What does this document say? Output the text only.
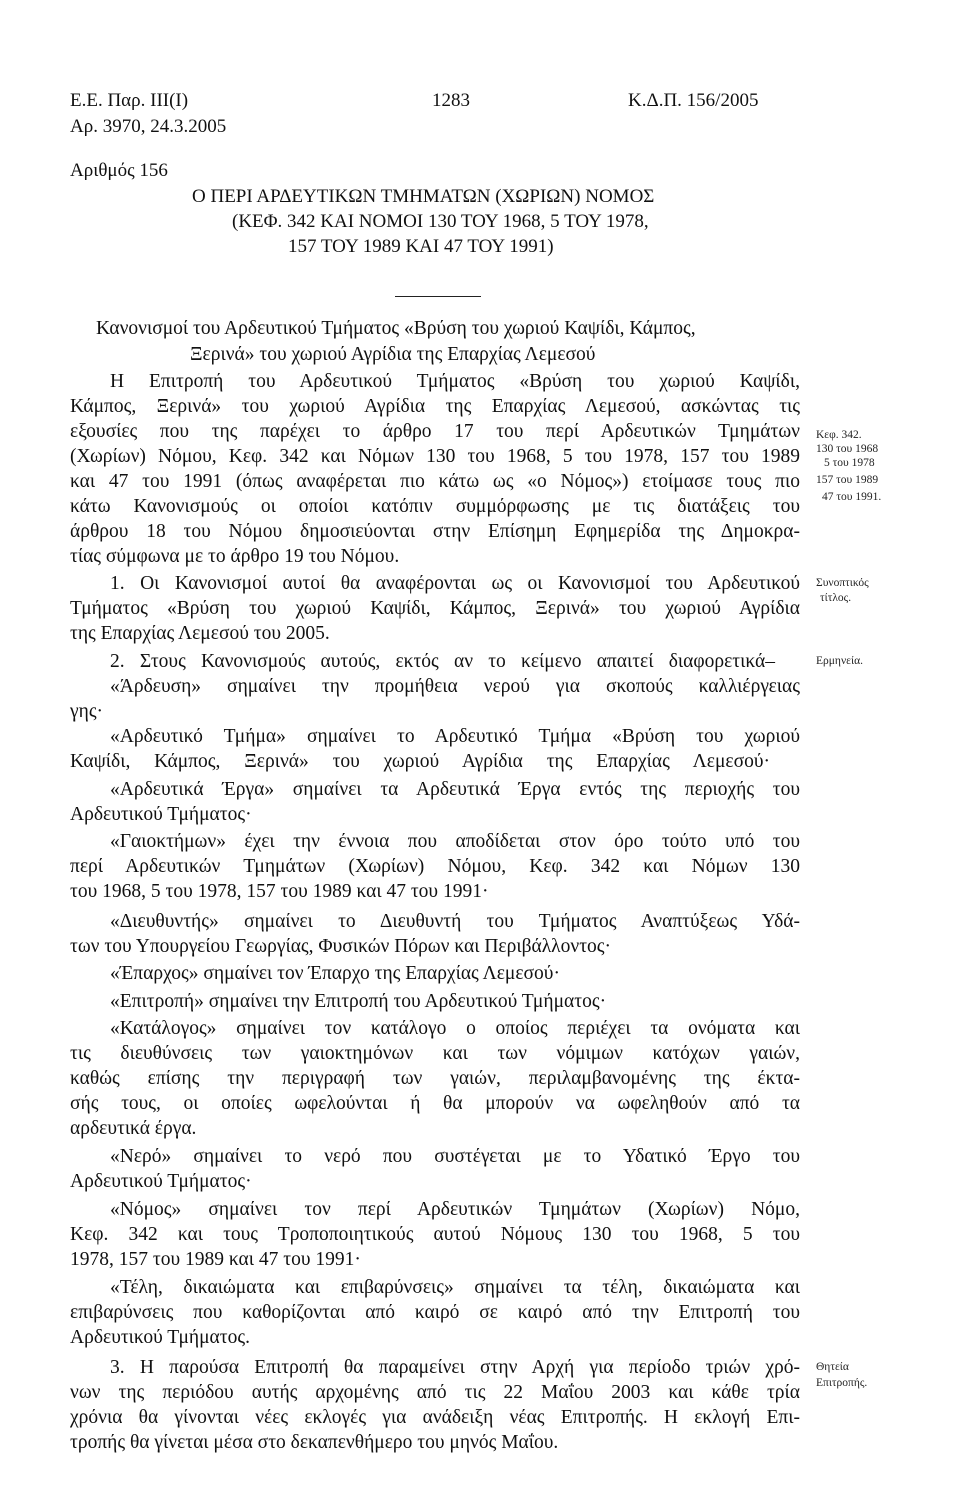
Ε.Ε. Παρ. ΙΙΙ(Ι)
Αρ. 3970, 24.3.2005
1283	Κ.Δ.Π. 156/2005
Αριθμός 156
Ο ΠΕΡΙ ΑΡΔΕΥΤΙΚΩΝ ΤΜΗΜΑΤΩΝ (ΧΩΡΙΩΝ) ΝΟΜΟΣ
(ΚΕΦ. 342 ΚΑΙ ΝΟΜΟΙ 130 ΤΟΥ 1968, 5 ΤΟΥ 1978,
157 ΤΟΥ 1989 ΚΑΙ 47 ΤΟΥ 1991)
Κανονισμοί του Αρδευτικού Τμήματος «Βρύση του χωριού Καψίδι, Κάμπος,
Ξερινά» του χωριού Αγρίδια της Επαρχίας Λεμεσού
Η Επιτροπή του Αρδευτικού Τμήματος «Βρύση του χωριού Καψίδι,
Κάμπος, Ξερινά» του χωριού Αγρίδια της Επαρχίας Λεμεσού, ασκώντας τις
εξουσίες που της παρέχει το άρθρο 17 του περί Αρδευτικών Τμημάτων
(Χωρίων) Νόμου, Κεφ. 342 και Νόμων 130 του 1968, 5 του 1978, 157 του 1989
και 47 του 1991 (όπως αναφέρεται πιο κάτω ως «ο Νόμος») ετοίμασε τους πιο
κάτω Κανονισμούς οι οποίοι κατόπιν συμμόρφωσης με τις διατάξεις του
άρθρου 18 του Νόμου δημοσιεύονται στην Επίσημη Εφημερίδα της Δημοκρα-
τίας σύμφωνα με το άρθρο 19 του Νόμου.
1. Οι Κανονισμοί αυτοί θα αναφέρονται ως οι Κανονισμοί του Αρδευτικού
Τμήματος «Βρύση του χωριού Καψίδι, Κάμπος, Ξερινά» του χωριού Αγρίδια
της Επαρχίας Λεμεσού του 2005.
2. Στους Κανονισμούς αυτούς, εκτός αν το κείμενο απαιτεί διαφορετικά–
«Άρδευση» σημαίνει την προμήθεια νερού για σκοπούς καλλιέργειας
γης·
«Αρδευτικό Τμήμα» σημαίνει το Αρδευτικό Τμήμα «Βρύση του χωριού
Καψίδι, Κάμπος, Ξερινά» του χωριού Αγρίδια της Επαρχίας Λεμεσού·
«Αρδευτικά Έργα» σημαίνει τα Αρδευτικά Έργα εντός της περιοχής του
Αρδευτικού Τμήματος·
«Γαιοκτήμων» έχει την έννοια που αποδίδεται στον όρο τούτο υπό του
περί Αρδευτικών Τμημάτων (Χωρίων) Νόμου, Κεφ. 342 και Νόμων 130
του 1968, 5 του 1978, 157 του 1989 και 47 του 1991·
«Διευθυντής» σημαίνει το Διευθυντή του Τμήματος Αναπτύξεως Υδά-
των του Υπουργείου Γεωργίας, Φυσικών Πόρων και Περιβάλλοντος·
«Έπαρχος» σημαίνει τον Έπαρχο της Επαρχίας Λεμεσού·
«Επιτροπή» σημαίνει την Επιτροπή του Αρδευτικού Τμήματος·
«Κατάλογος» σημαίνει τον κατάλογο ο οποίος περιέχει τα ονόματα και
τις διευθύνσεις των γαιοκτημόνων και των νόμιμων κατόχων γαιών,
καθώς επίσης την περιγραφή των γαιών, περιλαμβανομένης της έκτα-
σής τους, οι οποίες ωφελούνται ή θα μπορούν να ωφεληθούν από τα
αρδευτικά έργα.
«Νερό» σημαίνει το νερό που συστέγεται με το Υδατικό Έργο του
Αρδευτικού Τμήματος·
«Νόμος» σημαίνει τον περί Αρδευτικών Τμημάτων (Χωρίων) Νόμο,
Κεφ. 342 και τους Τροποποιητικούς αυτού Νόμους 130 του 1968, 5 του
1978, 157 του 1989 και 47 του 1991·
«Τέλη, δικαιώματα και επιβαρύνσεις» σημαίνει τα τέλη, δικαιώματα και
επιβαρύνσεις που καθορίζονται από καιρό σε καιρό από την Επιτροπή του
Αρδευτικού Τμήματος.
3. Η παρούσα Επιτροπή θα παραμείνει στην Αρχή για περίοδο τριών χρό-
νων της περιόδου αυτής αρχομένης από τις 22 Μαΐου 2003 και κάθε τρία
χρόνια θα γίνονται νέες εκλογές για ανάδειξη νέας Επιτροπής. Η εκλογή Επι-
τροπής θα γίνεται μέσα στο δεκαπενθήμερο του μηνός Μαΐου.
Κεφ. 342.
130 του 1968
5 του 1978
157 του 1989
47 του 1991.
Συνοπτικός
τίτλος.
Ερμηνεία.
Θητεία
Επιτροπής.
